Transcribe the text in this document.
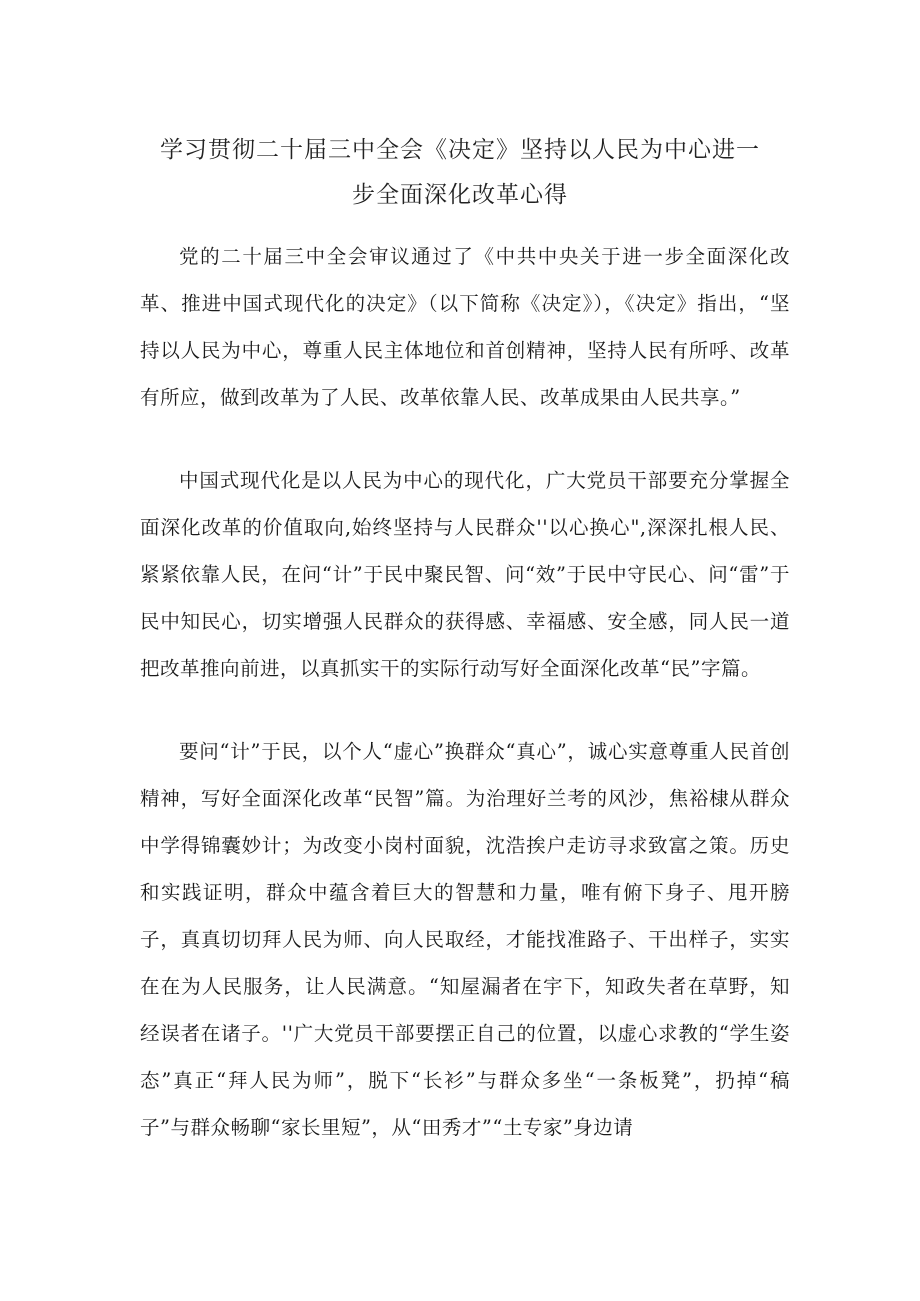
学习贯彻二十届三中全会《决定》坚持以人民为中心进一
步全面深化改革心得

党的二十届三中全会审议通过了《中共中央关于进一步全面深化改革、推进中国式现代化的决定》（以下简称《决定》），《决定》指出，“坚持以人民为中心，尊重人民主体地位和首创精神，坚持人民有所呼、改革有所应，做到改革为了人民、改革依靠人民、改革成果由人民共享。”

中国式现代化是以人民为中心的现代化，广大党员干部要充分掌握全面深化改革的价值取向,始终坚持与人民群众''以心换心",深深扎根人民、紧紧依靠人民，在问“计”于民中聚民智、问“效”于民中守民心、问“雷”于民中知民心，切实增强人民群众的获得感、幸福感、安全感，同人民一道把改革推向前进，以真抓实干的实际行动写好全面深化改革“民”字篇。

要问“计”于民，以个人“虚心”换群众“真心”，诚心实意尊重人民首创精神，写好全面深化改革“民智”篇。为治理好兰考的风沙，焦裕棣从群众中学得锦囊妙计；为改变小岗村面貌，沈浩挨户走访寻求致富之策。历史和实践证明，群众中蕴含着巨大的智慧和力量，唯有俯下身子、甩开膀子，真真切切拜人民为师、向人民取经，才能找准路子、干出样子，实实在在为人民服务，让人民满意。“知屋漏者在宇下，知政失者在草野，知经误者在诸子。''广大党员干部要摆正自己的位置，以虚心求教的“学生姿态”真正“拜人民为师”，脱下“长衫”与群众多坐“一条板凳”，扔掉“稿子”与群众畅聊“家长里短”，从“田秀才”“土专家”身边请
